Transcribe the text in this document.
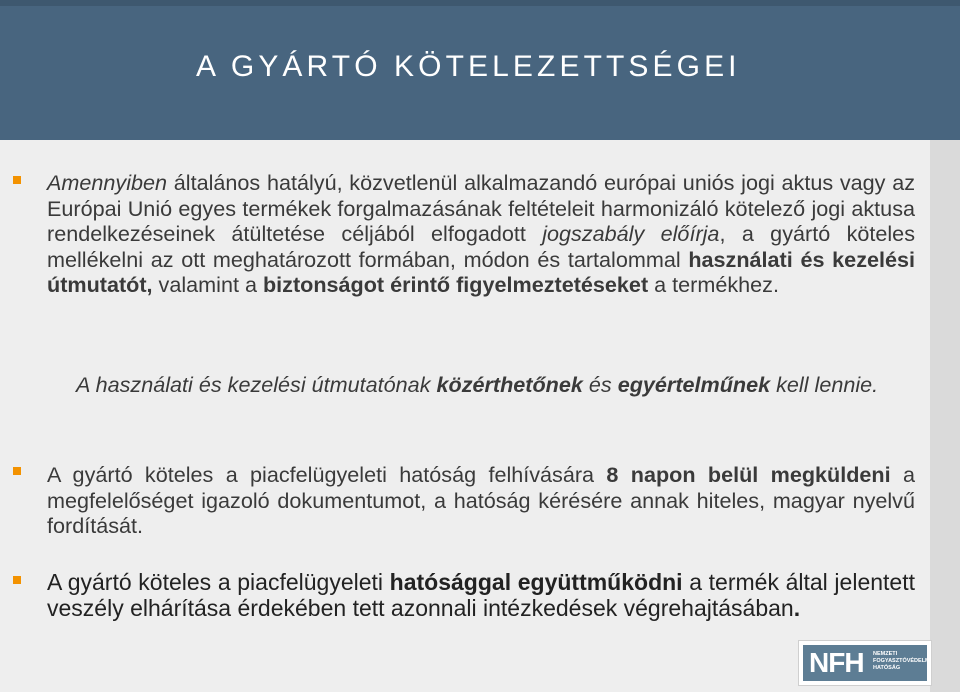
A GYÁRTÓ KÖTELEZETTSÉGEI

Amennyiben általános hatályú, közvetlenül alkalmazandó európai uniós jogi aktus vagy az Európai Unió egyes termékek forgalmazásának feltételeit harmonizáló kötelező jogi aktusa rendelkezéseinek átültetése céljából elfogadott jogszabály előírja, a gyártó köteles mellékelni az ott meghatározott formában, módon és tartalommal használati és kezelési útmutatót, valamint a biztonságot érintő figyelmeztetéseket a termékhez.

A használati és kezelési útmutatónak közérthetőnek és egyértelműnek kell lennie.

A gyártó köteles a piacfelügyeleti hatóság felhívására 8 napon belül megküldeni a megfelelőséget igazoló dokumentumot, a hatóság kérésére annak hiteles, magyar nyelvű fordítását.

A gyártó köteles a piacfelügyeleti hatósággal együttműködni a termék által jelentett veszély elhárítása érdekében tett azonnali intézkedések végrehajtásában.

NFH NEMZETI
FOGYASZTÓVÉDELMI
HATÓSÁG
